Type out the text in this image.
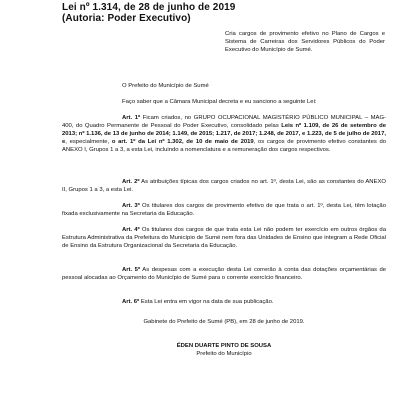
Lei nº 1.314, de 28 de junho de 2019
(Autoria: Poder Executivo)

Cria cargos de provimento efetivo no Plano de Cargos e Sistema de Carreiras dos Servidores Públicos do Poder Executivo do Município de Sumé.

O Prefeito do Município de Sumé

Faço saber que a Câmara Municipal decreta e eu sanciono a seguinte Lei:

Art. 1º Ficam criados, no GRUPO OCUPACIONAL MAGISTÉRIO PÚBLICO MUNICIPAL – MAG-400, do Quadro Permanente de Pessoal do Poder Executivo, consolidado pelas Leis nº 1.109, de 26 de setembro de 2013; nº 1.136, de 13 de junho de 2014; 1.149, de 2015; 1.217, de 2017; 1.248, de 2017, e 1.223, de 5 de julho de 2017, e, especialmente, o art. 1º da Lei nº 1.302, de 10 de maio de 2019, os cargos de provimento efetivo constantes do ANEXO I, Grupos 1 a 3, a esta Lei, incluindo a nomenclatura e a remuneração dos cargos respectivos.

Art. 2º As atribuições típicas dos cargos criados no art. 1º, desta Lei, são as constantes do ANEXO II, Grupos 1 a 3, a esta Lei.

Art. 3º Os titulares dos cargos de provimento efetivo de que trata o art. 1º, desta Lei, têm lotação fixada exclusivamente na Secretaria da Educação.

Art. 4º Os titulares dos cargos de que trata esta Lei não podem ter exercício em outros órgãos da Estrutura Administrativa da Prefeitura do Município de Sumé nem fora das Unidades de Ensino que integram a Rede Oficial de Ensino da Estrutura Organizacional da Secretaria da Educação.

Art. 5º As despesas com a execução desta Lei correrão à conta das dotações orçamentárias de pessoal alocadas ao Orçamento do Município de Sumé para o corrente exercício financeiro.

Art. 6º Esta Lei entra em vigor na data de sua publicação.

Gabinete do Prefeito de Sumé (PB), em 28 de junho de 2019.
ÉDEN DUARTE PINTO DE SOUSA
Prefeito do Município
